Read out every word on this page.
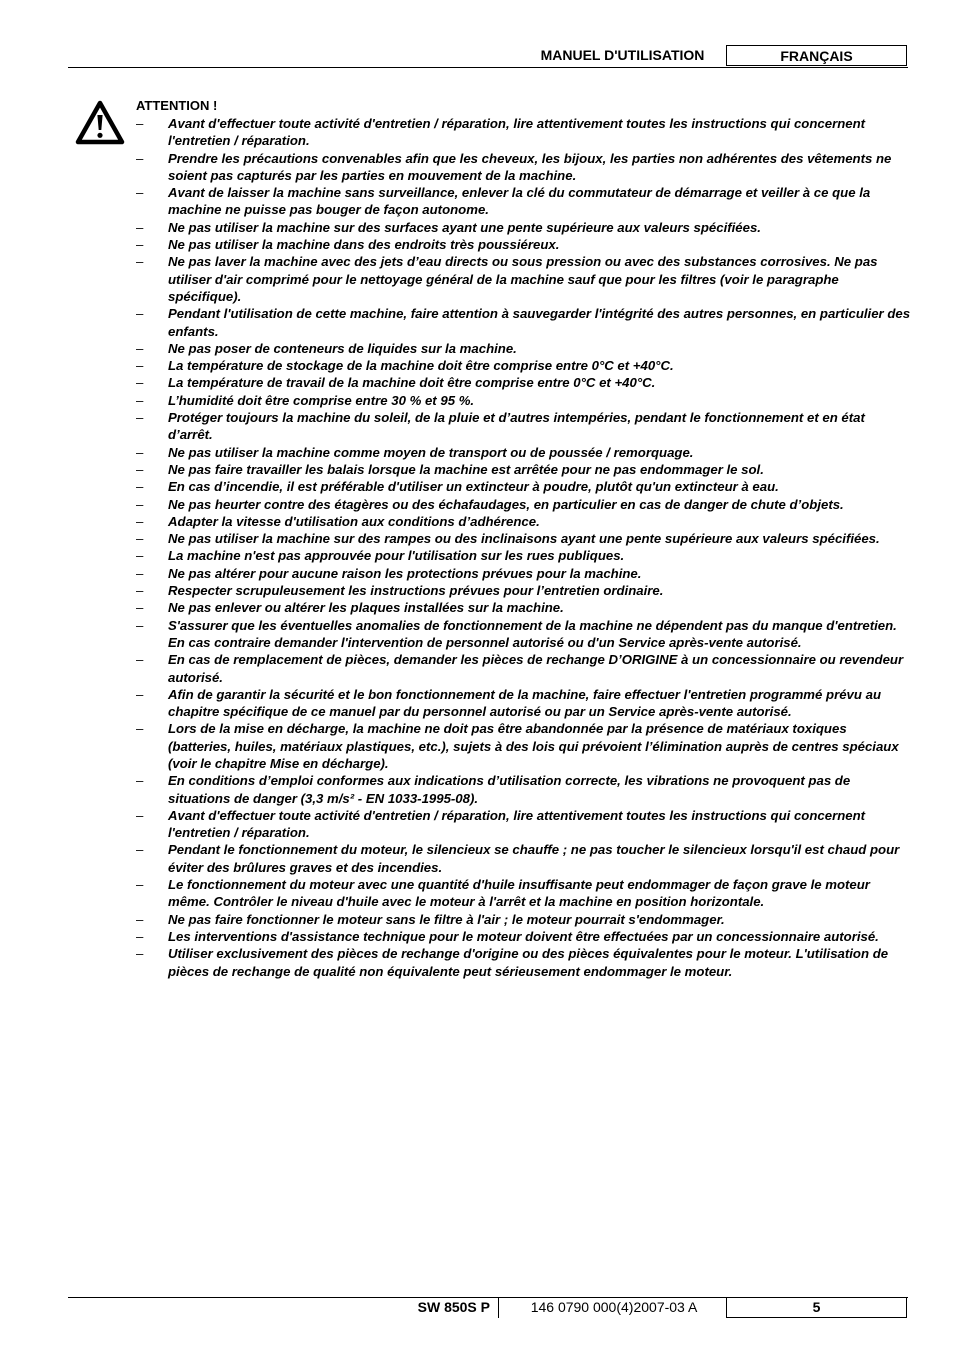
MANUEL D'UTILISATION	FRANÇAIS
ATTENTION !
– Avant d'effectuer toute activité d'entretien / réparation, lire attentivement toutes les instructions qui concernent l'entretien / réparation.
– Prendre les précautions convenables afin que les cheveux, les bijoux, les parties non adhérentes des vêtements ne soient pas capturés par les parties en mouvement de la machine.
– Avant de laisser la machine sans surveillance, enlever la clé du commutateur de démarrage et veiller à ce que la machine ne puisse pas bouger de façon autonome.
– Ne pas utiliser la machine sur des surfaces ayant une pente supérieure aux valeurs spécifiées.
– Ne pas utiliser la machine dans des endroits très poussiéreux.
– Ne pas laver la machine avec des jets d’eau directs ou sous pression ou avec des substances corrosives. Ne pas utiliser d'air comprimé pour le nettoyage général de la machine sauf que pour les filtres (voir le paragraphe spécifique).
– Pendant l'utilisation de cette machine, faire attention à sauvegarder l'intégrité des autres personnes, en particulier des enfants.
– Ne pas poser de conteneurs de liquides sur la machine.
– La température de stockage de la machine doit être comprise entre 0°C et +40°C.
– La température de travail de la machine doit être comprise entre 0°C et +40°C.
– L’humidité doit être comprise entre 30 % et 95 %.
– Protéger toujours la machine du soleil, de la pluie et d’autres intempéries, pendant le fonctionnement et en état d’arrêt.
– Ne pas utiliser la machine comme moyen de transport ou de poussée / remorquage.
– Ne pas faire travailler les balais lorsque la machine est arrêtée pour ne pas endommager le sol.
– En cas d’incendie, il est préférable d'utiliser un extincteur à poudre, plutôt qu'un extincteur à eau.
– Ne pas heurter contre des étagères ou des échafaudages, en particulier en cas de danger de chute d’objets.
– Adapter la vitesse d'utilisation aux conditions d’adhérence.
– Ne pas utiliser la machine sur des rampes ou des inclinaisons ayant une pente supérieure aux valeurs spécifiées.
– La machine n'est pas approuvée pour l'utilisation sur les rues publiques.
– Ne pas altérer pour aucune raison les protections prévues pour la machine.
– Respecter scrupuleusement les instructions prévues pour l’entretien ordinaire.
– Ne pas enlever ou altérer les plaques installées sur la machine.
– S'assurer que les éventuelles anomalies de fonctionnement de la machine ne dépendent pas du manque d'entretien. En cas contraire demander l'intervention de personnel autorisé ou d'un Service après-vente autorisé.
– En cas de remplacement de pièces, demander les pièces de rechange D’ORIGINE à un concessionnaire ou revendeur autorisé.
– Afin de garantir la sécurité et le bon fonctionnement de la machine, faire effectuer l'entretien programmé prévu au chapitre spécifique de ce manuel par du personnel autorisé ou par un Service après-vente autorisé.
– Lors de la mise en décharge, la machine ne doit pas être abandonnée par la présence de matériaux toxiques (batteries, huiles, matériaux plastiques, etc.), sujets à des lois qui prévoient l’élimination auprès de centres spéciaux (voir le chapitre Mise en décharge).
– En conditions d’emploi conformes aux indications d’utilisation correcte, les vibrations ne provoquent pas de situations de danger (3,3 m/s² - EN 1033-1995-08).
– Avant d'effectuer toute activité d'entretien / réparation, lire attentivement toutes les instructions qui concernent l'entretien / réparation.
– Pendant le fonctionnement du moteur, le silencieux se chauffe ; ne pas toucher le silencieux lorsqu'il est chaud pour éviter des brûlures graves et des incendies.
– Le fonctionnement du moteur avec une quantité d'huile insuffisante peut endommager de façon grave le moteur même. Contrôler le niveau d'huile avec le moteur à l'arrêt et la machine en position horizontale.
– Ne pas faire fonctionner le moteur sans le filtre à l'air ; le moteur pourrait s'endommager.
– Les interventions d'assistance technique pour le moteur doivent être effectuées par un concessionnaire autorisé.
– Utiliser exclusivement des pièces de rechange d'origine ou des pièces équivalentes pour le moteur. L'utilisation de pièces de rechange de qualité non équivalente peut sérieusement endommager le moteur.
SW 850S P	146 0790 000(4)2007-03 A	5
